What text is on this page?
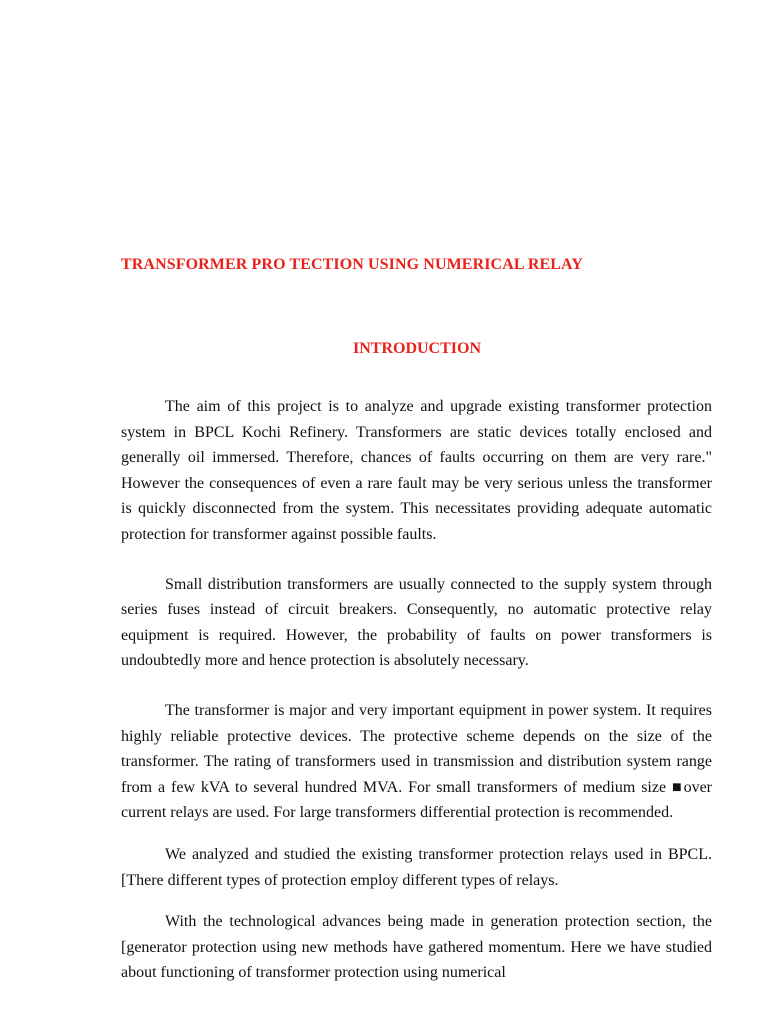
TRANSFORMER PRO TECTION USING NUMERICAL RELAY
INTRODUCTION

The aim of this project is to analyze and upgrade existing transformer protection system in BPCL Kochi Refinery. Transformers are static devices totally enclosed and generally oil immersed. Therefore, chances of faults occurring on them are very rare." However the consequences of even a rare fault may be very serious unless the transformer is quickly disconnected from the system. This necessitates providing adequate automatic protection for transformer against possible faults.

Small distribution transformers are usually connected to the supply system through series fuses instead of circuit breakers. Consequently, no automatic protective relay equipment is required. However, the probability of faults on power transformers is undoubtedly more and hence protection is absolutely necessary.

The transformer is major and very important equipment in power system. It requires highly reliable protective devices. The protective scheme depends on the size of the transformer. The rating of transformers used in transmission and distribution system range from a few kVA to several hundred MVA. For small transformers of medium size ■over current relays are used. For large transformers differential protection is recommended.

We analyzed and studied the existing transformer protection relays used in BPCL. [There different types of protection employ different types of relays.

With the technological advances being made in generation protection section, the [generator protection using new methods have gathered momentum. Here we have studied about functioning of transformer protection using numerical
